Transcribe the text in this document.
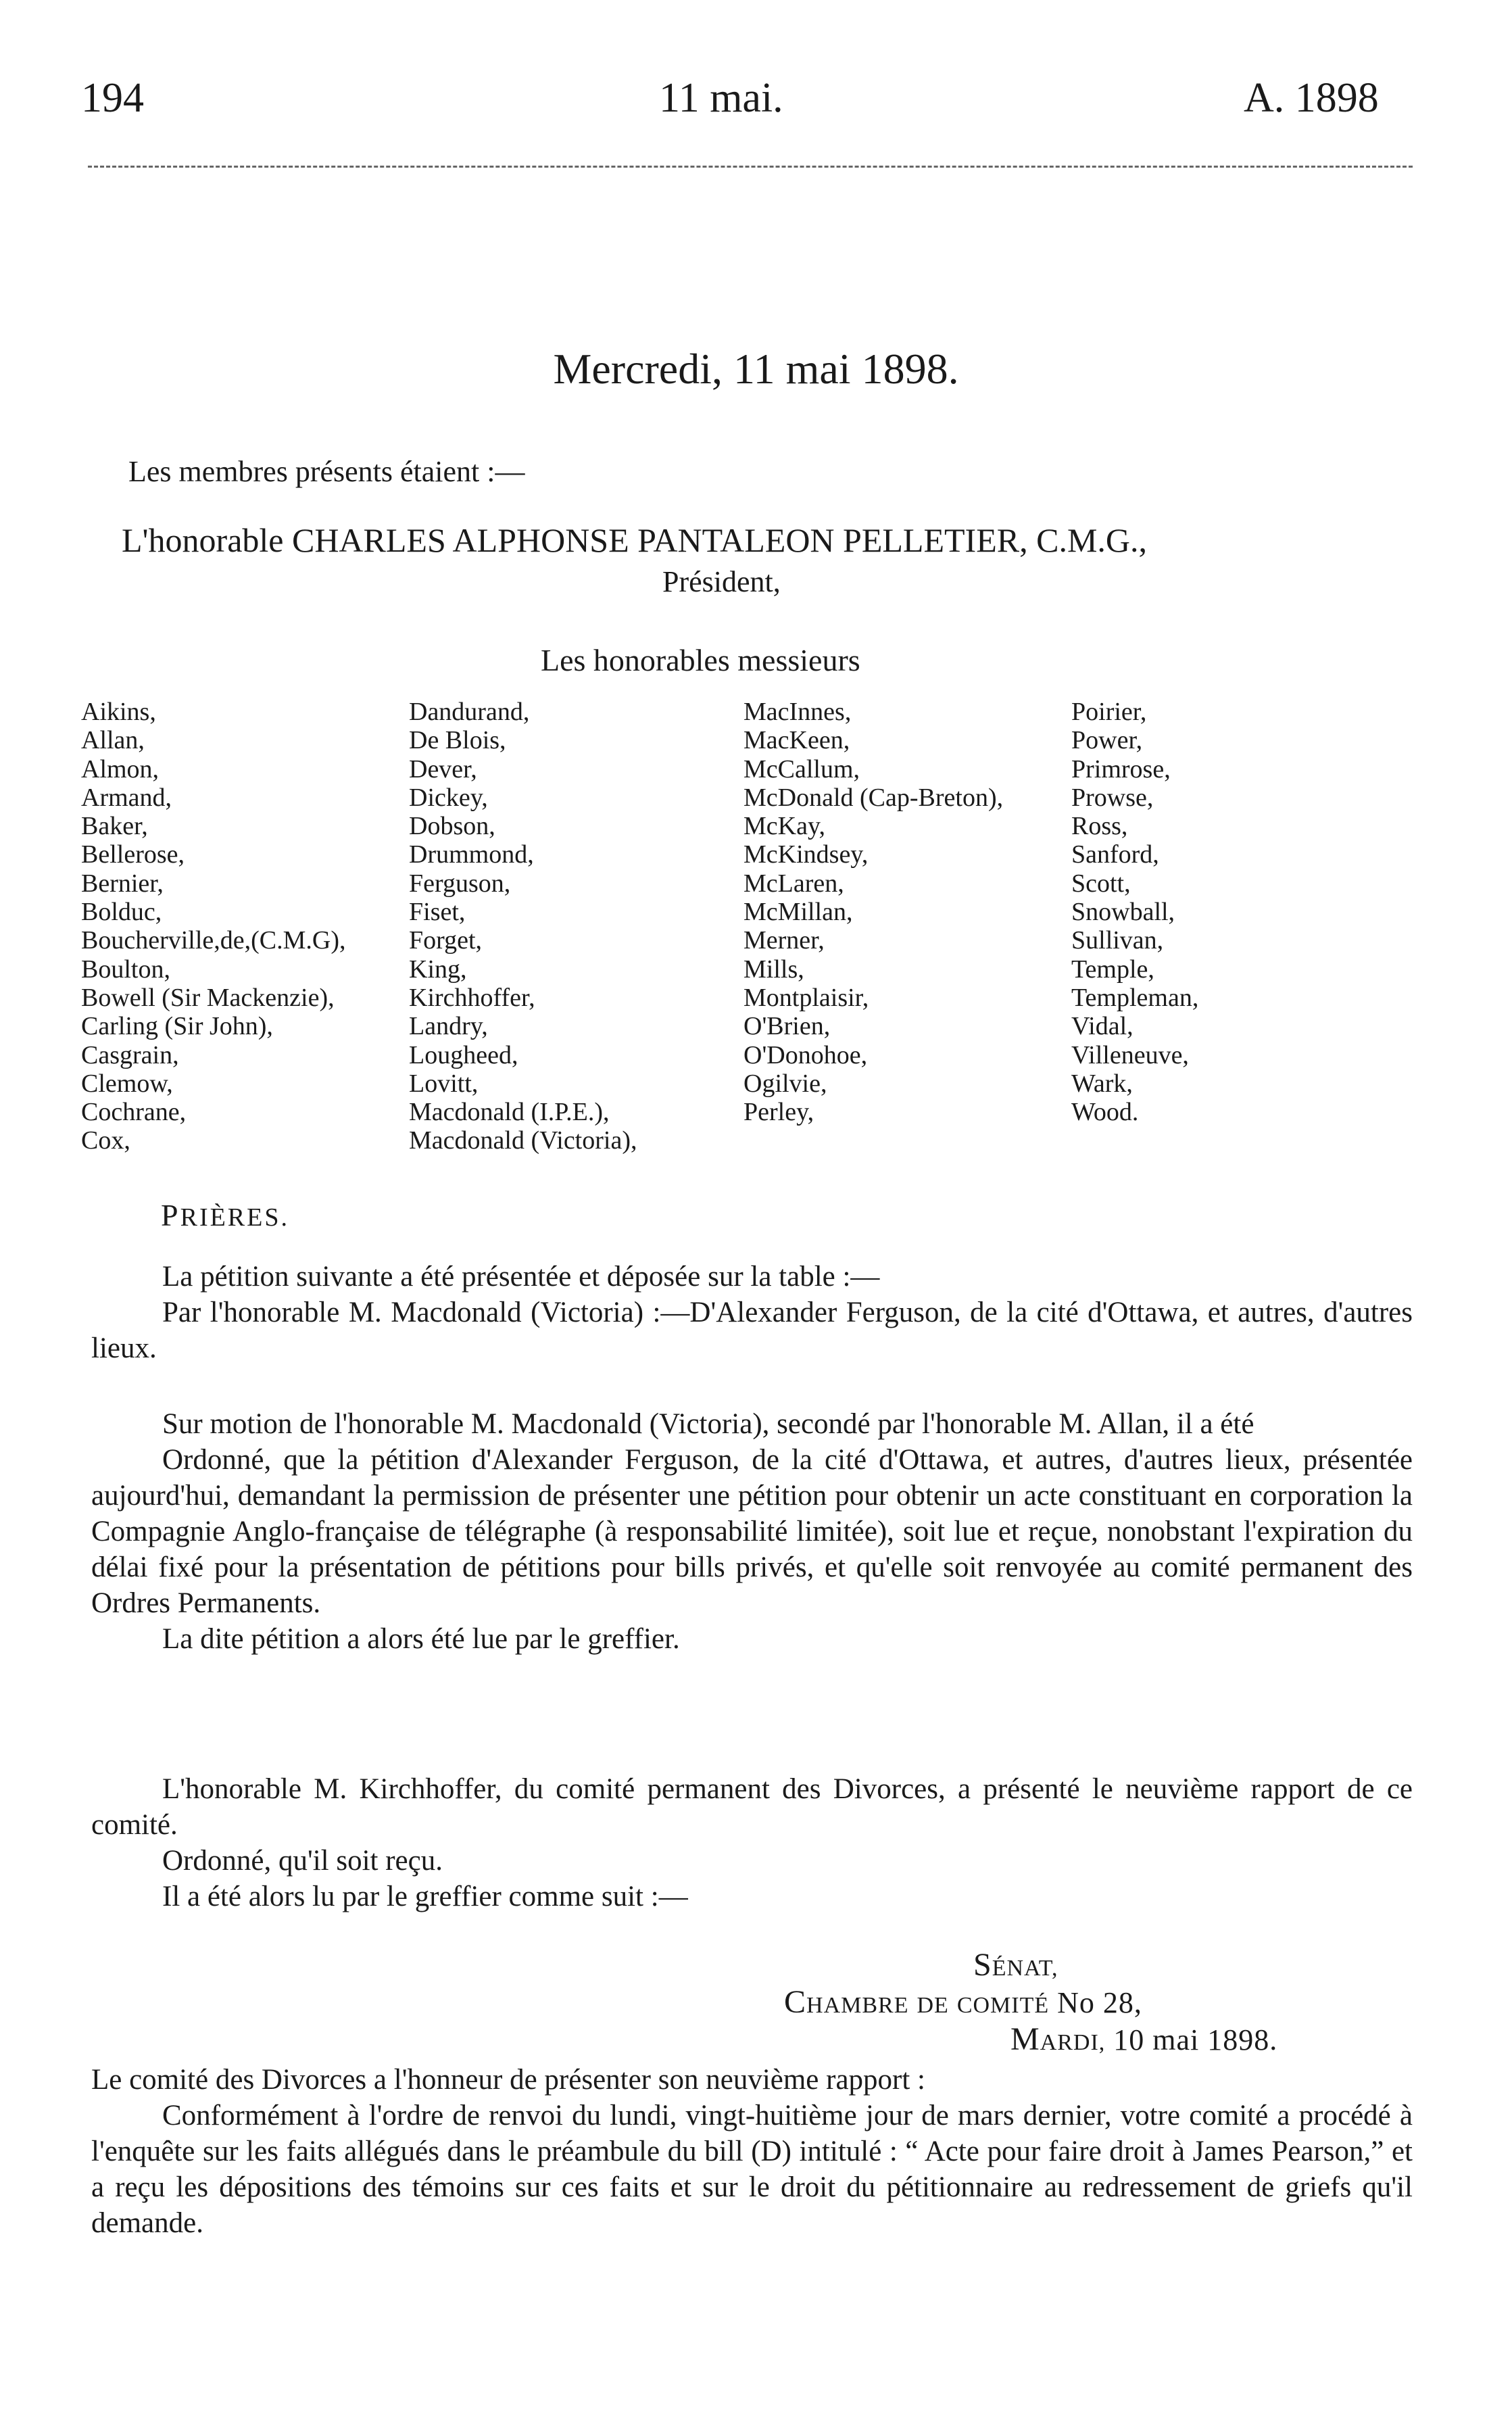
194	11 mai.	A. 1898
Mercredi, 11 mai 1898.
Les membres présents étaient :—
L'honorable CHARLES ALPHONSE PANTALEON PELLETIER, C.M.G.,
Président,
Les honorables messieurs
Aikins,
Allan,
Almon,
Armand,
Baker,
Bellerose,
Bernier,
Bolduc,
Boucherville,de,(C.M.G),
Boulton,
Bowell (Sir Mackenzie),
Carling (Sir John),
Casgrain,
Clemow,
Cochrane,
Cox,
Dandurand,
De Blois,
Dever,
Dickey,
Dobson,
Drummond,
Ferguson,
Fiset,
Forget,
King,
Kirchhoffer,
Landry,
Lougheed,
Lovitt,
Macdonald (I.P.E.),
Macdonald (Victoria),
MacInnes,
MacKeen,
McCallum,
McDonald (Cap-Breton),
McKay,
McKindsey,
McLaren,
McMillan,
Merner,
Mills,
Montplaisir,
O'Brien,
O'Donohoe,
Ogilvie,
Perley,
Poirier,
Power,
Primrose,
Prowse,
Ross,
Sanford,
Scott,
Snowball,
Sullivan,
Temple,
Templeman,
Vidal,
Villeneuve,
Wark,
Wood.
PRIÈRES.

La pétition suivante a été présentée et déposée sur la table :—

Par l'honorable M. Macdonald (Victoria) :—D'Alexander Ferguson, de la cité d'Ottawa, et autres, d'autres lieux.

Sur motion de l'honorable M. Macdonald (Victoria), secondé par l'honorable M. Allan, il a été

Ordonné, que la pétition d'Alexander Ferguson, de la cité d'Ottawa, et autres, d'autres lieux, présentée aujourd'hui, demandant la permission de présenter une pétition pour obtenir un acte constituant en corporation la Compagnie Anglo-française de télégraphe (à responsabilité limitée), soit lue et reçue, nonobstant l'expiration du délai fixé pour la présentation de pétitions pour bills privés, et qu'elle soit renvoyée au comité permanent des Ordres Permanents.

La dite pétition a alors été lue par le greffier.

L'honorable M. Kirchhoffer, du comité permanent des Divorces, a présenté le neuvième rapport de ce comité.

Ordonné, qu'il soit reçu.

Il a été alors lu par le greffier comme suit :—

SÉNAT,
CHAMBRE DE COMITÉ No 28,
MARDI, 10 mai 1898.

Le comité des Divorces a l'honneur de présenter son neuvième rapport :

Conformément à l'ordre de renvoi du lundi, vingt-huitième jour de mars dernier, votre comité a procédé à l'enquête sur les faits allégués dans le préambule du bill (D) intitulé : “ Acte pour faire droit à James Pearson,” et a reçu les dépositions des témoins sur ces faits et sur le droit du pétitionnaire au redressement de griefs qu'il demande.
